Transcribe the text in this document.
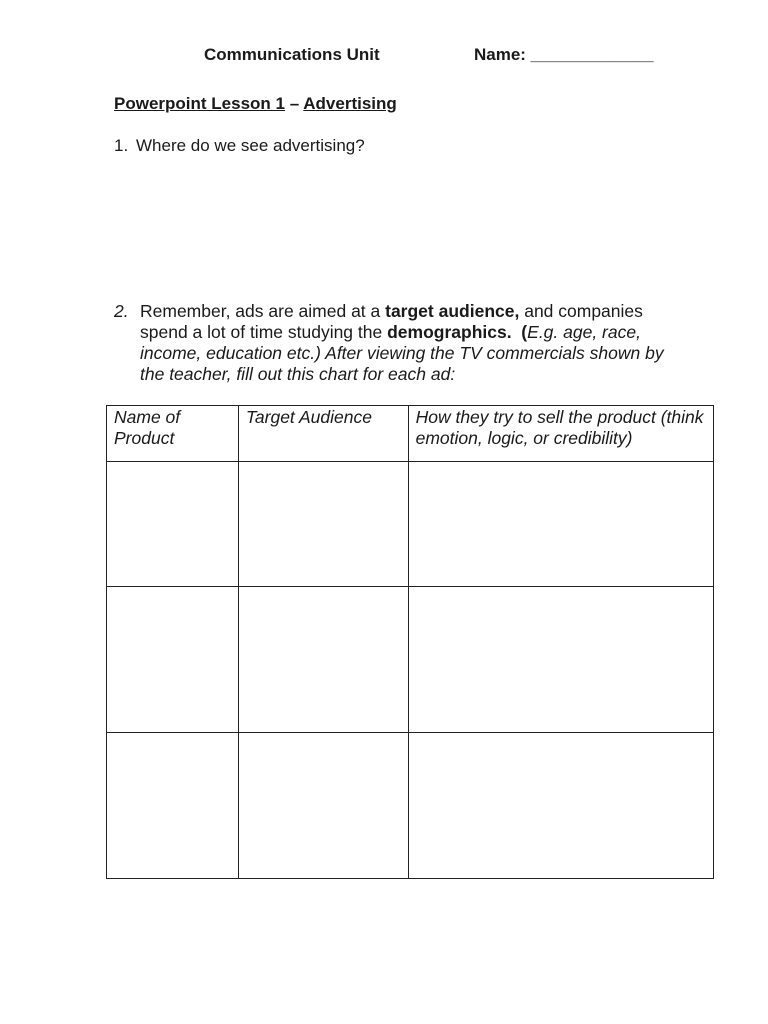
Communications Unit	Name: _____________
Powerpoint Lesson 1 – Advertising
1. Where do we see advertising?
2. Remember, ads are aimed at a target audience, and companies spend a lot of time studying the demographics.  (E.g. age, race, income, education etc.) After viewing the TV commercials shown by the teacher, fill out this chart for each ad:
Name of Product	Target Audience	How they try to sell the product (think emotion, logic, or credibility)
